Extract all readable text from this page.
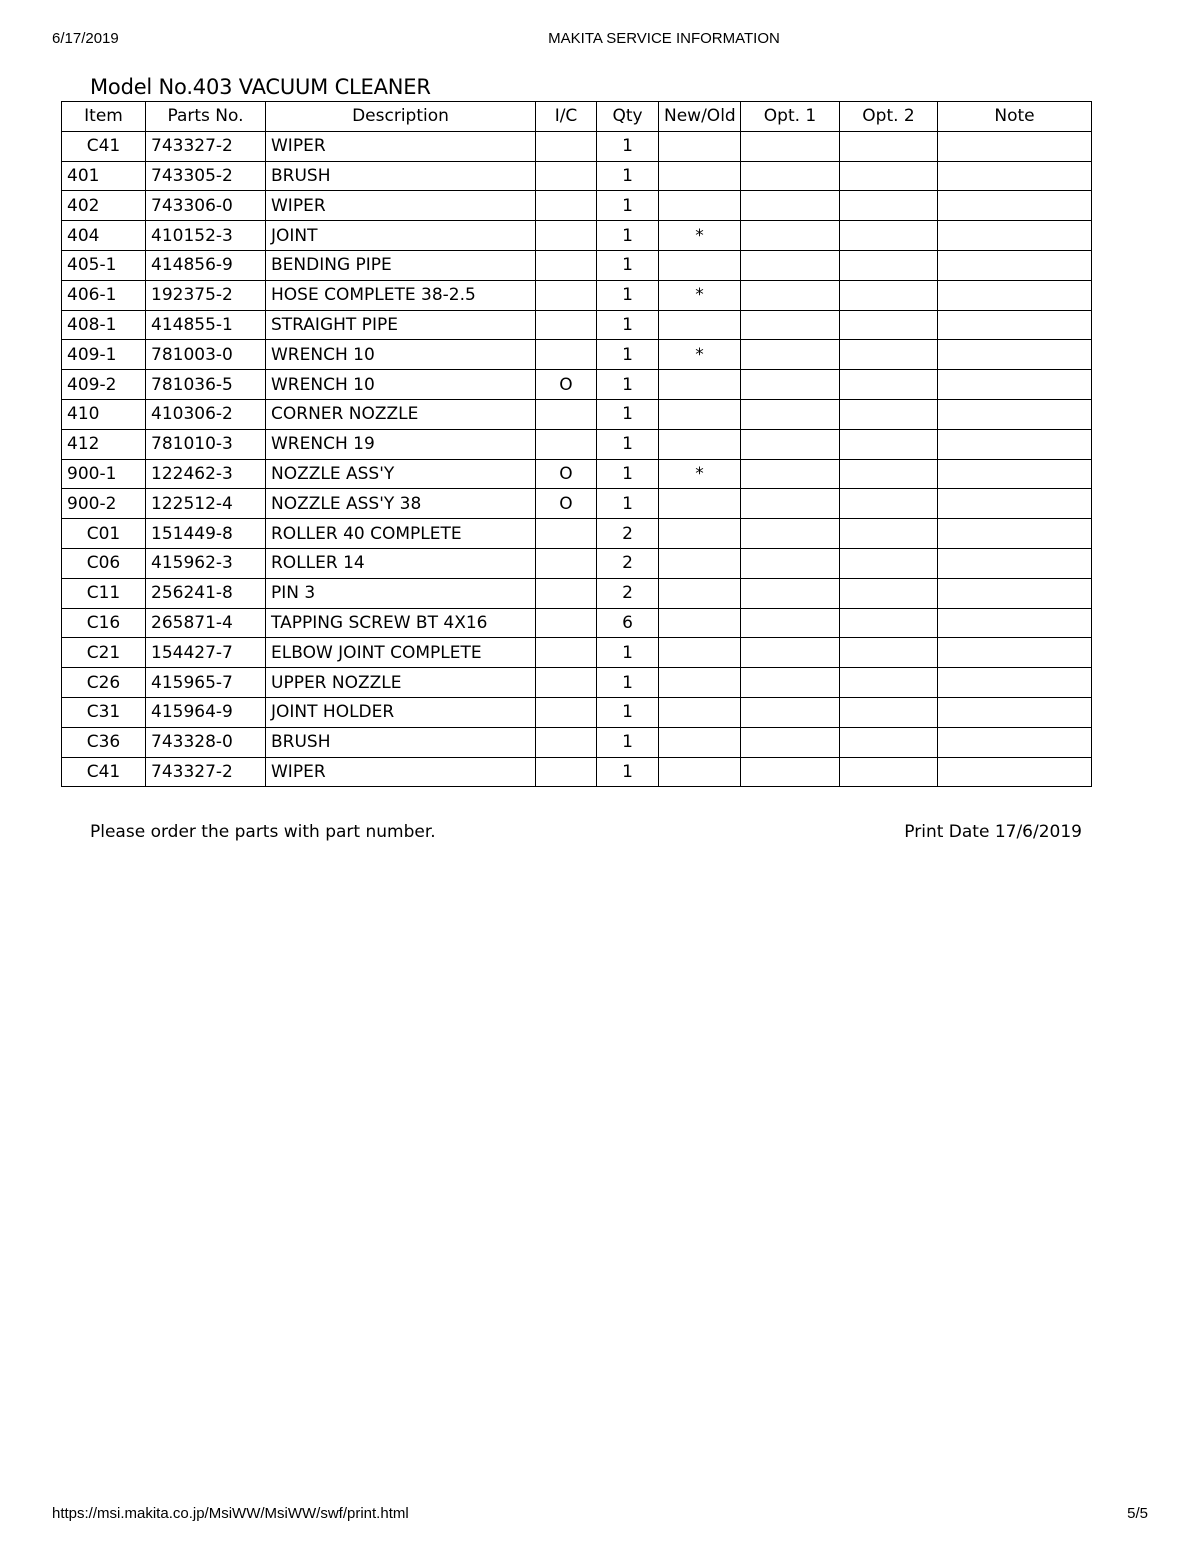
6/17/2019	MAKITA SERVICE INFORMATION
Model No.403 VACUUM CLEANER
Item	Parts No.	Description	I/C	Qty	New/Old	Opt. 1	Opt. 2	Note
C41	743327-2	WIPER		1				
401	743305-2	BRUSH		1				
402	743306-0	WIPER		1				
404	410152-3	JOINT		1	*			
405-1	414856-9	BENDING PIPE		1				
406-1	192375-2	HOSE COMPLETE 38-2.5		1	*			
408-1	414855-1	STRAIGHT PIPE		1				
409-1	781003-0	WRENCH 10		1	*			
409-2	781036-5	WRENCH 10	O	1				
410	410306-2	CORNER NOZZLE		1				
412	781010-3	WRENCH 19		1				
900-1	122462-3	NOZZLE ASS'Y	O	1	*			
900-2	122512-4	NOZZLE ASS'Y 38	O	1				
C01	151449-8	ROLLER 40 COMPLETE		2				
C06	415962-3	ROLLER 14		2				
C11	256241-8	PIN 3		2				
C16	265871-4	TAPPING SCREW BT 4X16		6				
C21	154427-7	ELBOW JOINT COMPLETE		1				
C26	415965-7	UPPER NOZZLE		1				
C31	415964-9	JOINT HOLDER		1				
C36	743328-0	BRUSH		1				
C41	743327-2	WIPER		1				
Please order the parts with part number.	Print Date 17/6/2019
https://msi.makita.co.jp/MsiWW/MsiWW/swf/print.html	5/5
